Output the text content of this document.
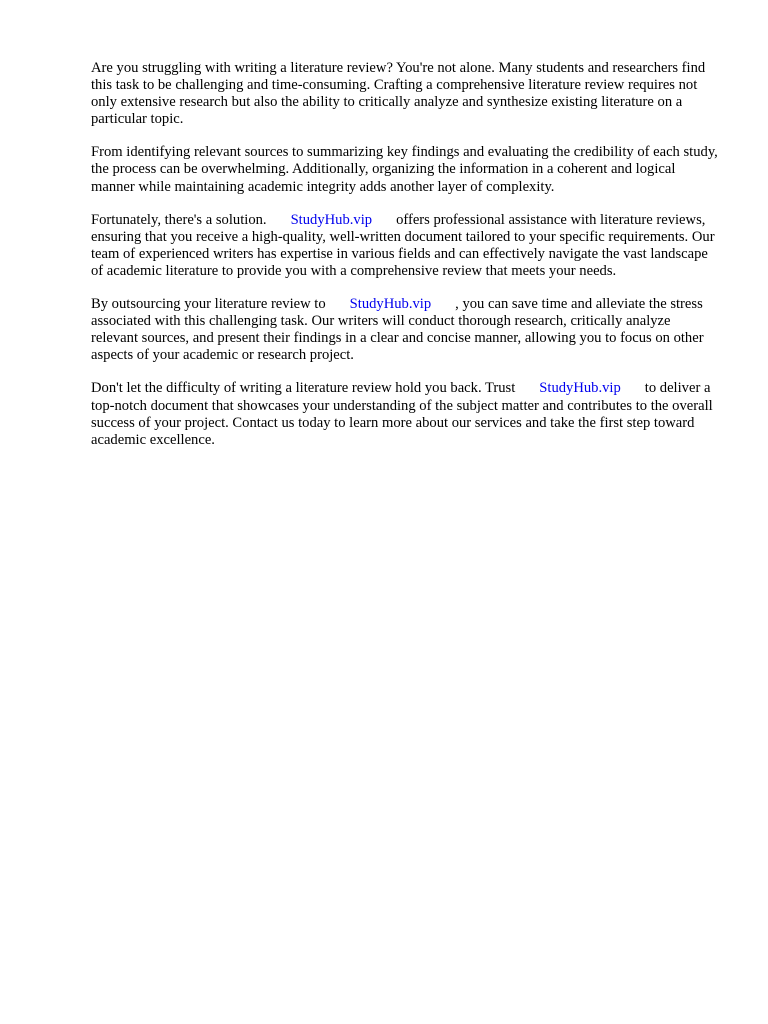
Are you struggling with writing a literature review? You're not alone. Many students and researchers find this task to be challenging and time-consuming. Crafting a comprehensive literature review requires not only extensive research but also the ability to critically analyze and synthesize existing literature on a particular topic.

From identifying relevant sources to summarizing key findings and evaluating the credibility of each study, the process can be overwhelming. Additionally, organizing the information in a coherent and logical manner while maintaining academic integrity adds another layer of complexity.

Fortunately, there's a solution. StudyHub.vip offers professional assistance with literature reviews, ensuring that you receive a high-quality, well-written document tailored to your specific requirements. Our team of experienced writers has expertise in various fields and can effectively navigate the vast landscape of academic literature to provide you with a comprehensive review that meets your needs.

By outsourcing your literature review to StudyHub.vip , you can save time and alleviate the stress associated with this challenging task. Our writers will conduct thorough research, critically analyze relevant sources, and present their findings in a clear and concise manner, allowing you to focus on other aspects of your academic or research project.

Don't let the difficulty of writing a literature review hold you back. Trust StudyHub.vip to deliver a top-notch document that showcases your understanding of the subject matter and contributes to the overall success of your project. Contact us today to learn more about our services and take the first step toward academic excellence.
